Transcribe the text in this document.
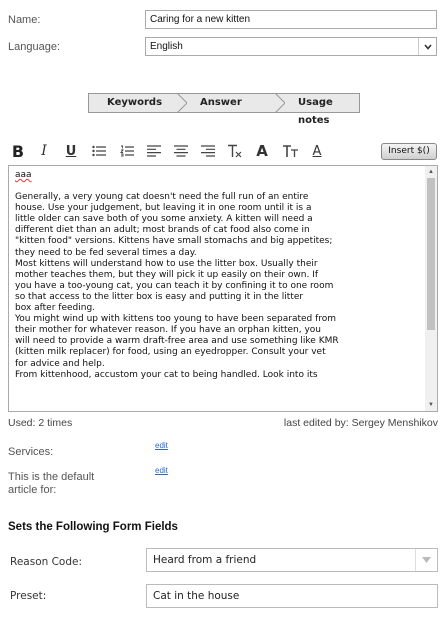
Name:	Caring for a new kitten
Language:	English
Keywords	Answer	Usage notes
B I U	A	A	Insert $()

aaa

Generally, a very young cat doesn't need the full run of an entire

house. Use your judgement, but leaving it in one room until it is a

little older can save both of you some anxiety. A kitten will need a

different diet than an adult; most brands of cat food also come in

"kitten food" versions. Kittens have small stomachs and big appetites;

they need to be fed several times a day.

Most kittens will understand how to use the litter box. Usually their

mother teaches them, but they will pick it up easily on their own. If

you have a too-young cat, you can teach it by confining it to one room

so that access to the litter box is easy and putting it in the litter

box after feeding.

You might wind up with kittens too young to have been separated from

their mother for whatever reason. If you have an orphan kitten, you

will need to provide a warm draft-free area and use something like KMR

(kitten milk replacer) for food, using an eyedropper. Consult your vet

for advice and help.

From kittenhood, accustom your cat to being handled. Look into its

▲
▼
Used: 2 times	last edited by: Sergey Menshikov
Services:
edit
This is the default
article for:
edit
Sets the Following Form Fields
Reason Code:	Heard from a friend
Preset:	Cat in the house
